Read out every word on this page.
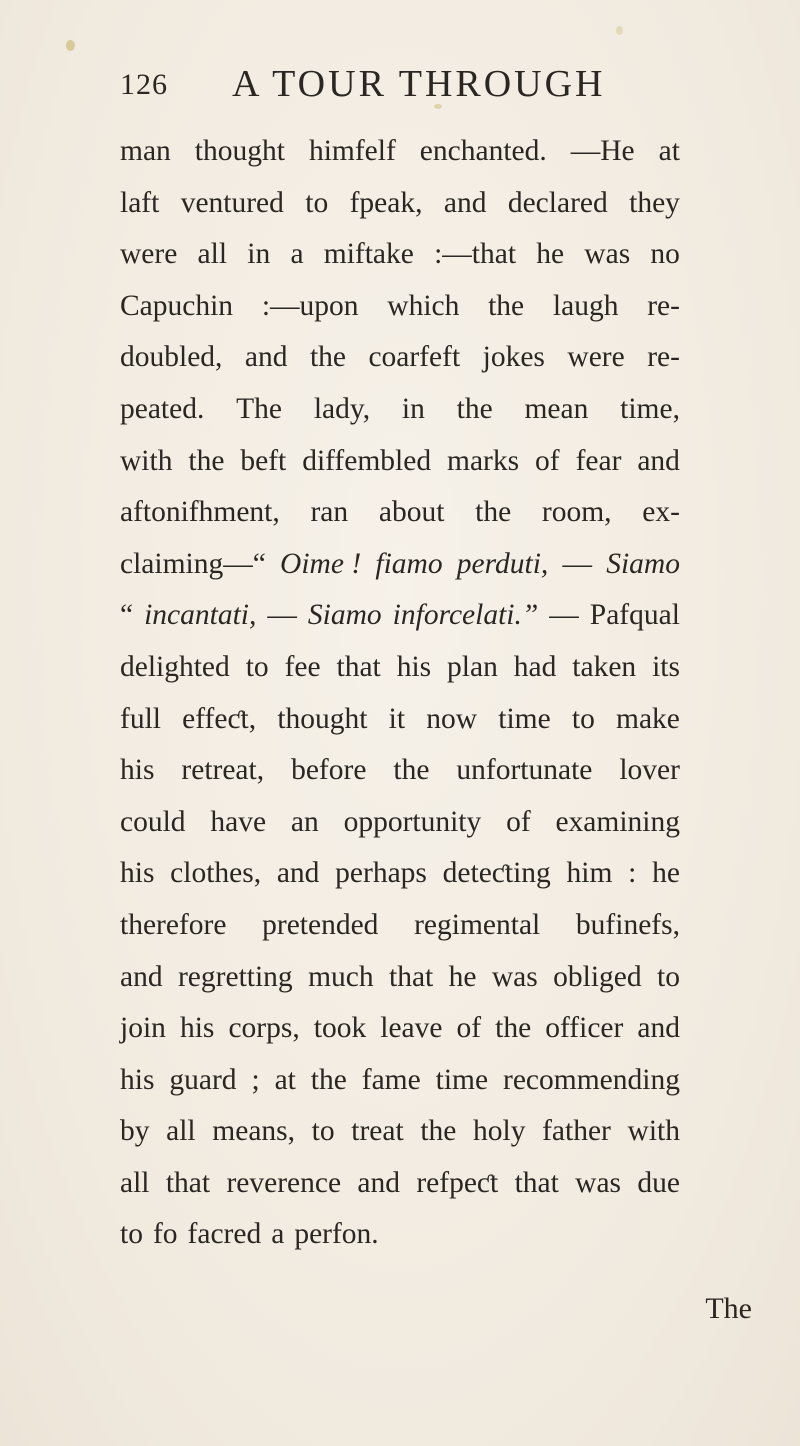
126 A TOUR THROUGH
man thought himfelf enchanted. —He at
laft ventured to fpeak, and declared they
were all in a miftake :—that he was no
Capuchin :—upon which the laugh re-
doubled, and the coarfeft jokes were re-
peated. The lady, in the mean time,
with the beft diffembled marks of fear and
aftonifhment, ran about the room, ex-
claiming—“ Oime ! fiamo perduti, — Siamo
“ incantati, — Siamo inforcelati.” — Pafqual
delighted to fee that his plan had taken its
full effeƈt, thought it now time to make
his retreat, before the unfortunate lover
could have an opportunity of examining
his clothes, and perhaps deteƈting him : he
therefore pretended regimental bufinefs,
and regretting much that he was obliged to
join his corps, took leave of the officer and
his guard ; at the fame time recommending
by all means, to treat the holy father with
all that reverence and refpeƈt that was due
to fo facred a perfon.
The
